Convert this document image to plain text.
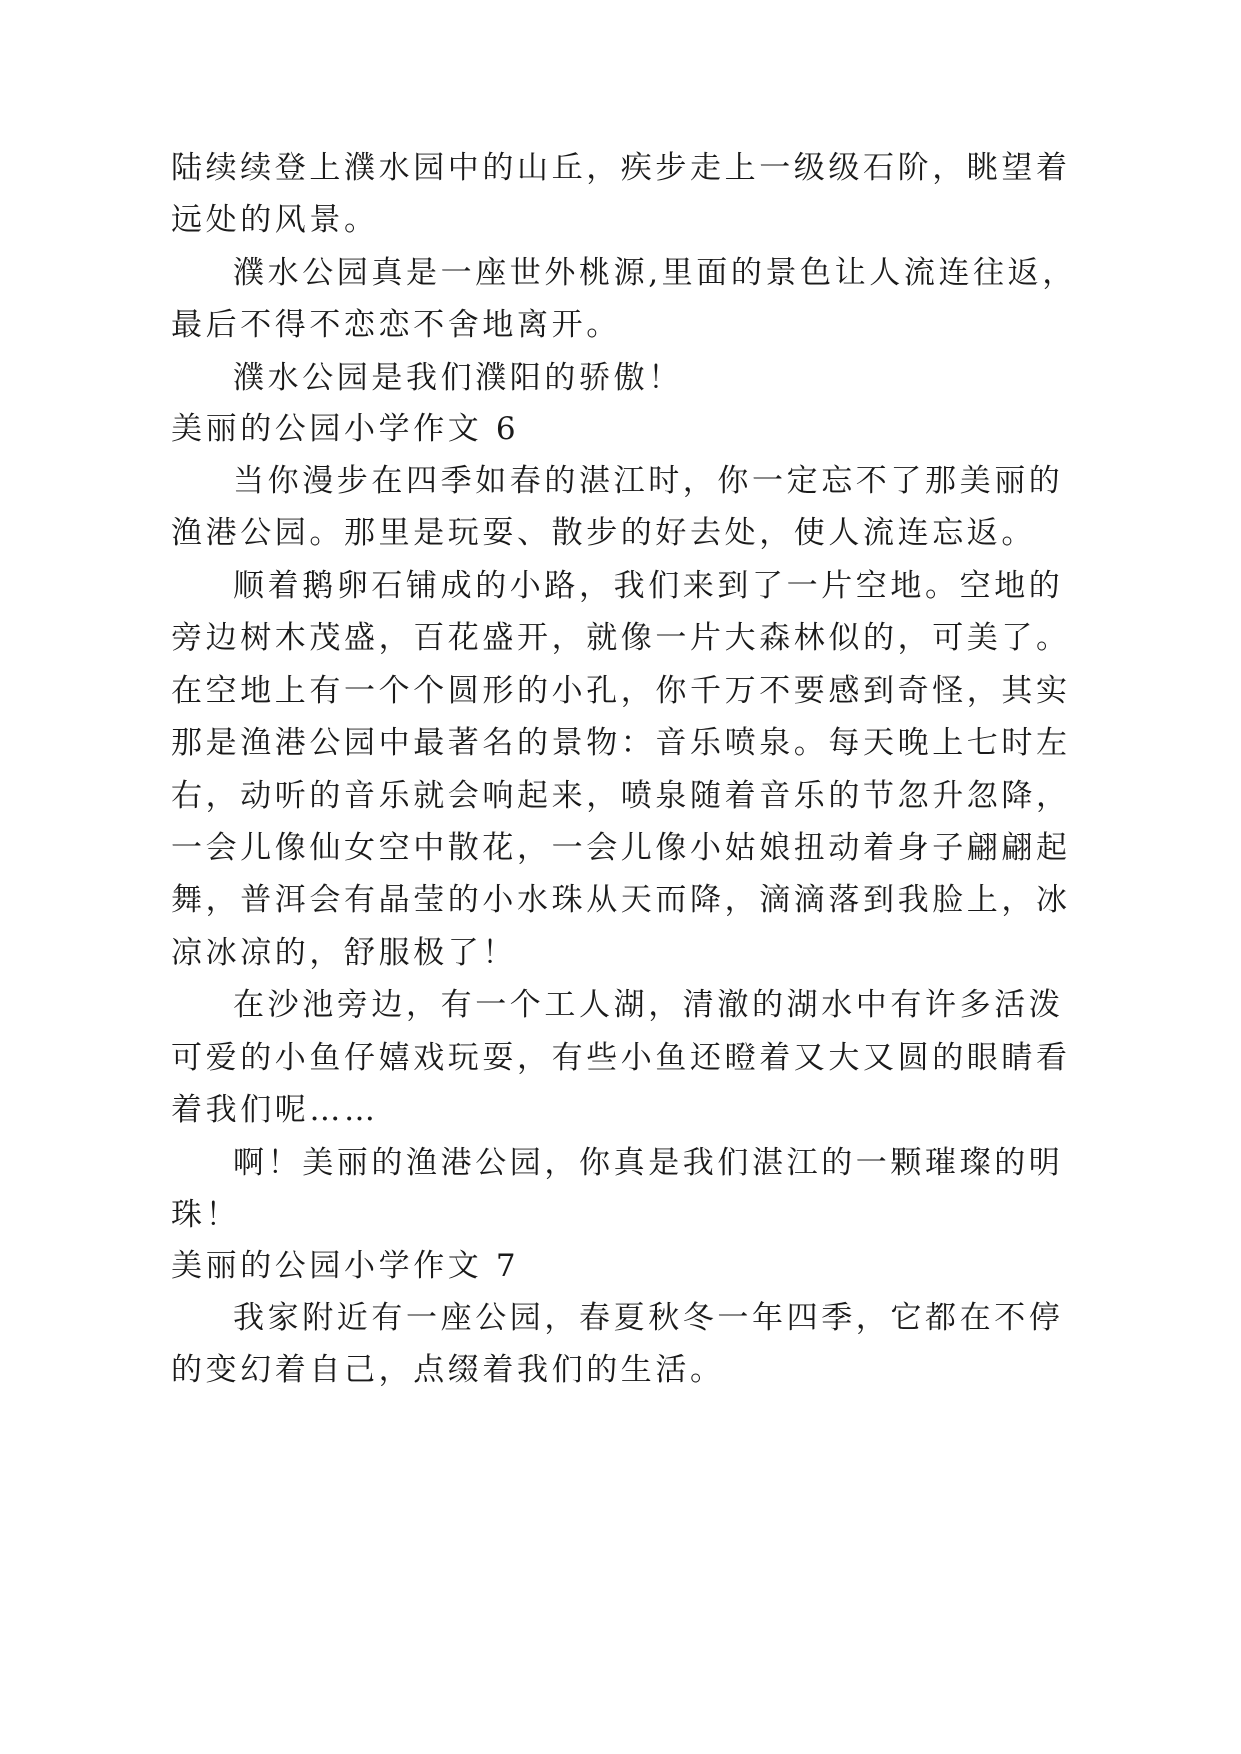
陆续续登上濮水园中的山丘，疾步走上一级级石阶，眺望着
远处的风景。
濮水公园真是一座世外桃源,里面的景色让人流连往返，
最后不得不恋恋不舍地离开。
濮水公园是我们濮阳的骄傲！
美丽的公园小学作文 6
当你漫步在四季如春的湛江时，你一定忘不了那美丽的
渔港公园。那里是玩耍、散步的好去处，使人流连忘返。
顺着鹅卵石铺成的小路，我们来到了一片空地。空地的
旁边树木茂盛，百花盛开，就像一片大森林似的，可美了。
在空地上有一个个圆形的小孔，你千万不要感到奇怪，其实
那是渔港公园中最著名的景物：音乐喷泉。每天晚上七时左
右，动听的音乐就会响起来，喷泉随着音乐的节忽升忽降，
一会儿像仙女空中散花，一会儿像小姑娘扭动着身子翩翩起
舞，普洱会有晶莹的小水珠从天而降，滴滴落到我脸上，冰
凉冰凉的，舒服极了！
在沙池旁边，有一个工人湖，清澈的湖水中有许多活泼
可爱的小鱼仔嬉戏玩耍，有些小鱼还瞪着又大又圆的眼睛看
着我们呢……
啊！美丽的渔港公园，你真是我们湛江的一颗璀璨的明
珠！
美丽的公园小学作文 7
我家附近有一座公园，春夏秋冬一年四季，它都在不停
的变幻着自己，点缀着我们的生活。
